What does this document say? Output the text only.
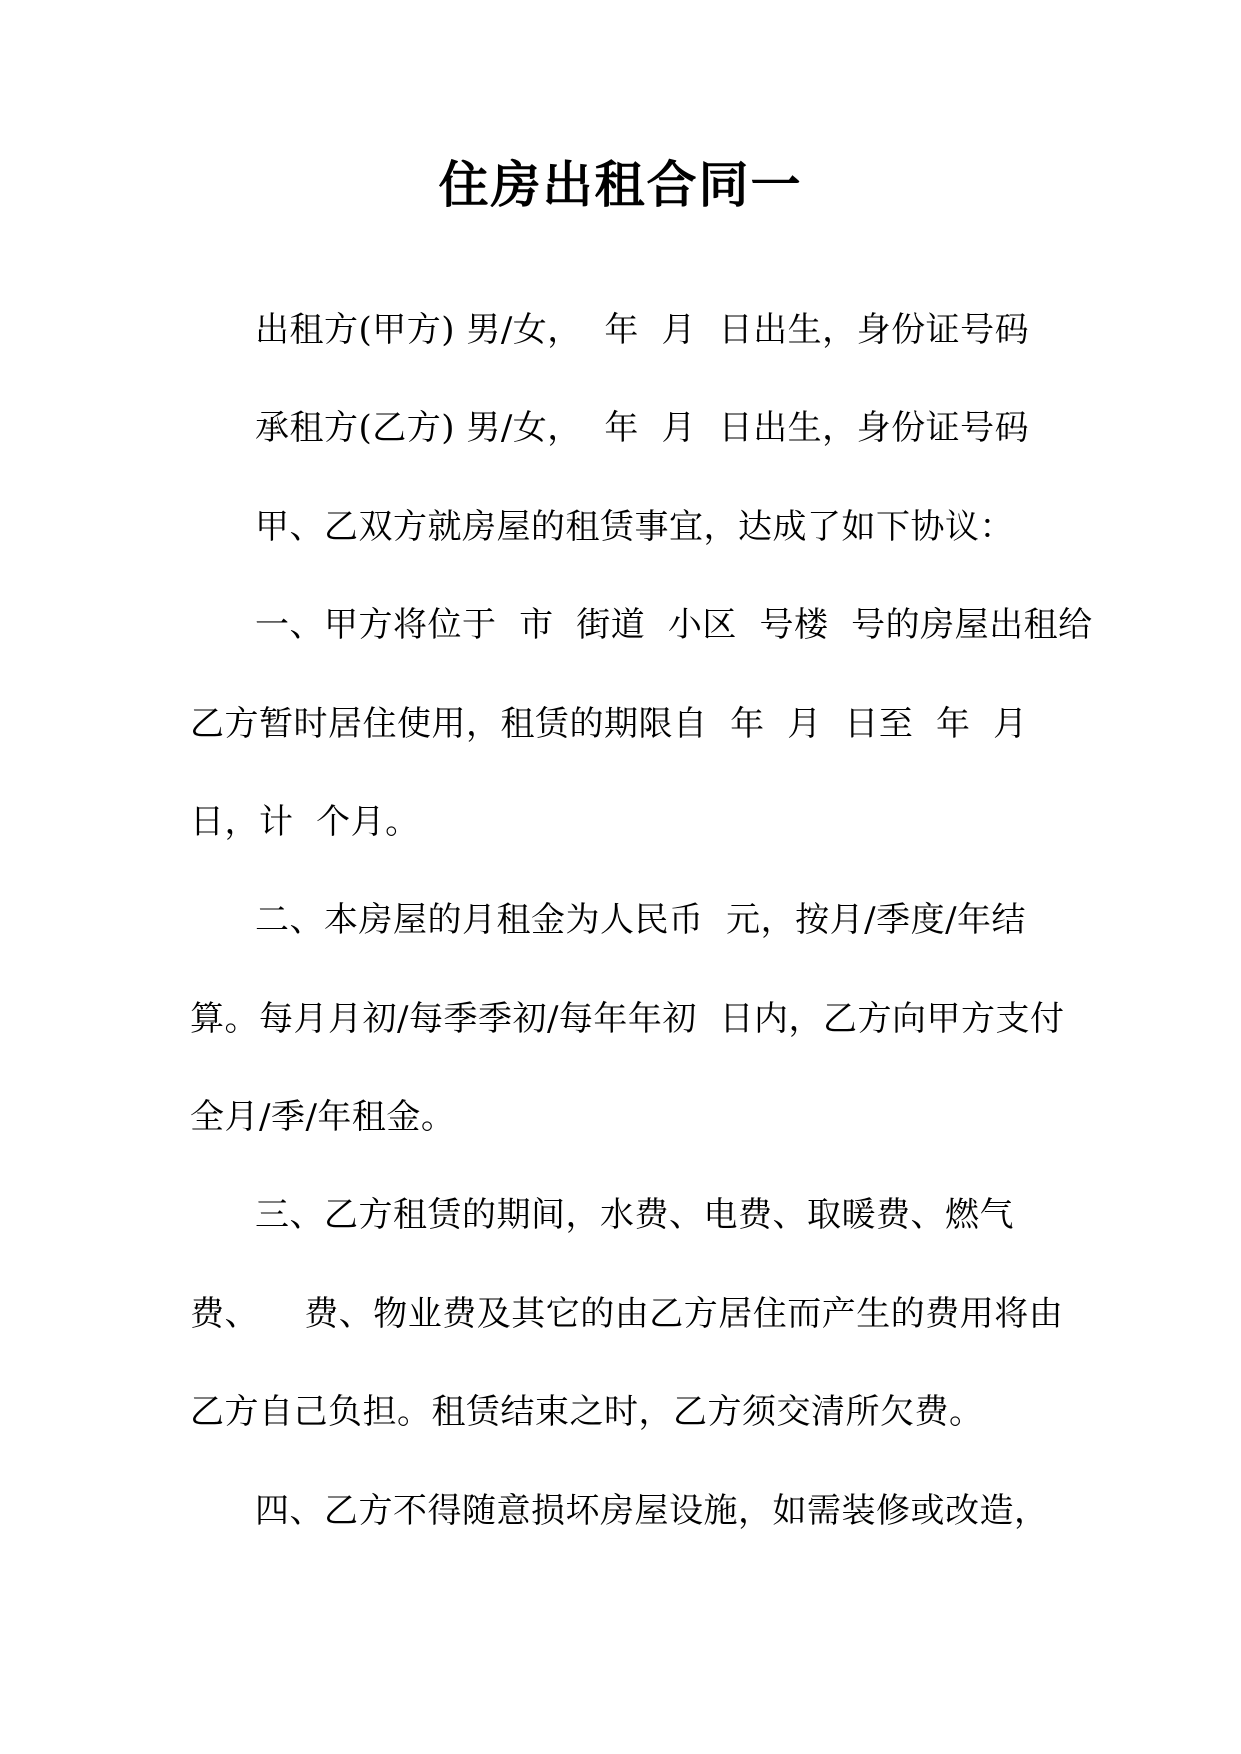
住房出租合同一
出租方(甲方) 男/女，  年  月  日出生，身份证号码
承租方(乙方) 男/女，  年  月  日出生，身份证号码
甲、乙双方就房屋的租赁事宜，达成了如下协议：
一、甲方将位于  市  街道  小区  号楼  号的房屋出租给
乙方暂时居住使用，租赁的期限自  年  月  日至  年  月
日，计  个月。
二、本房屋的月租金为人民币  元，按月/季度/年结
算。每月月初/每季季初/每年年初  日内，乙方向甲方支付
全月/季/年租金。
三、乙方租赁的期间，水费、电费、取暖费、燃气
费、    费、物业费及其它的由乙方居住而产生的费用将由
乙方自己负担。租赁结束之时，乙方须交清所欠费。
四、乙方不得随意损坏房屋设施，如需装修或改造，
